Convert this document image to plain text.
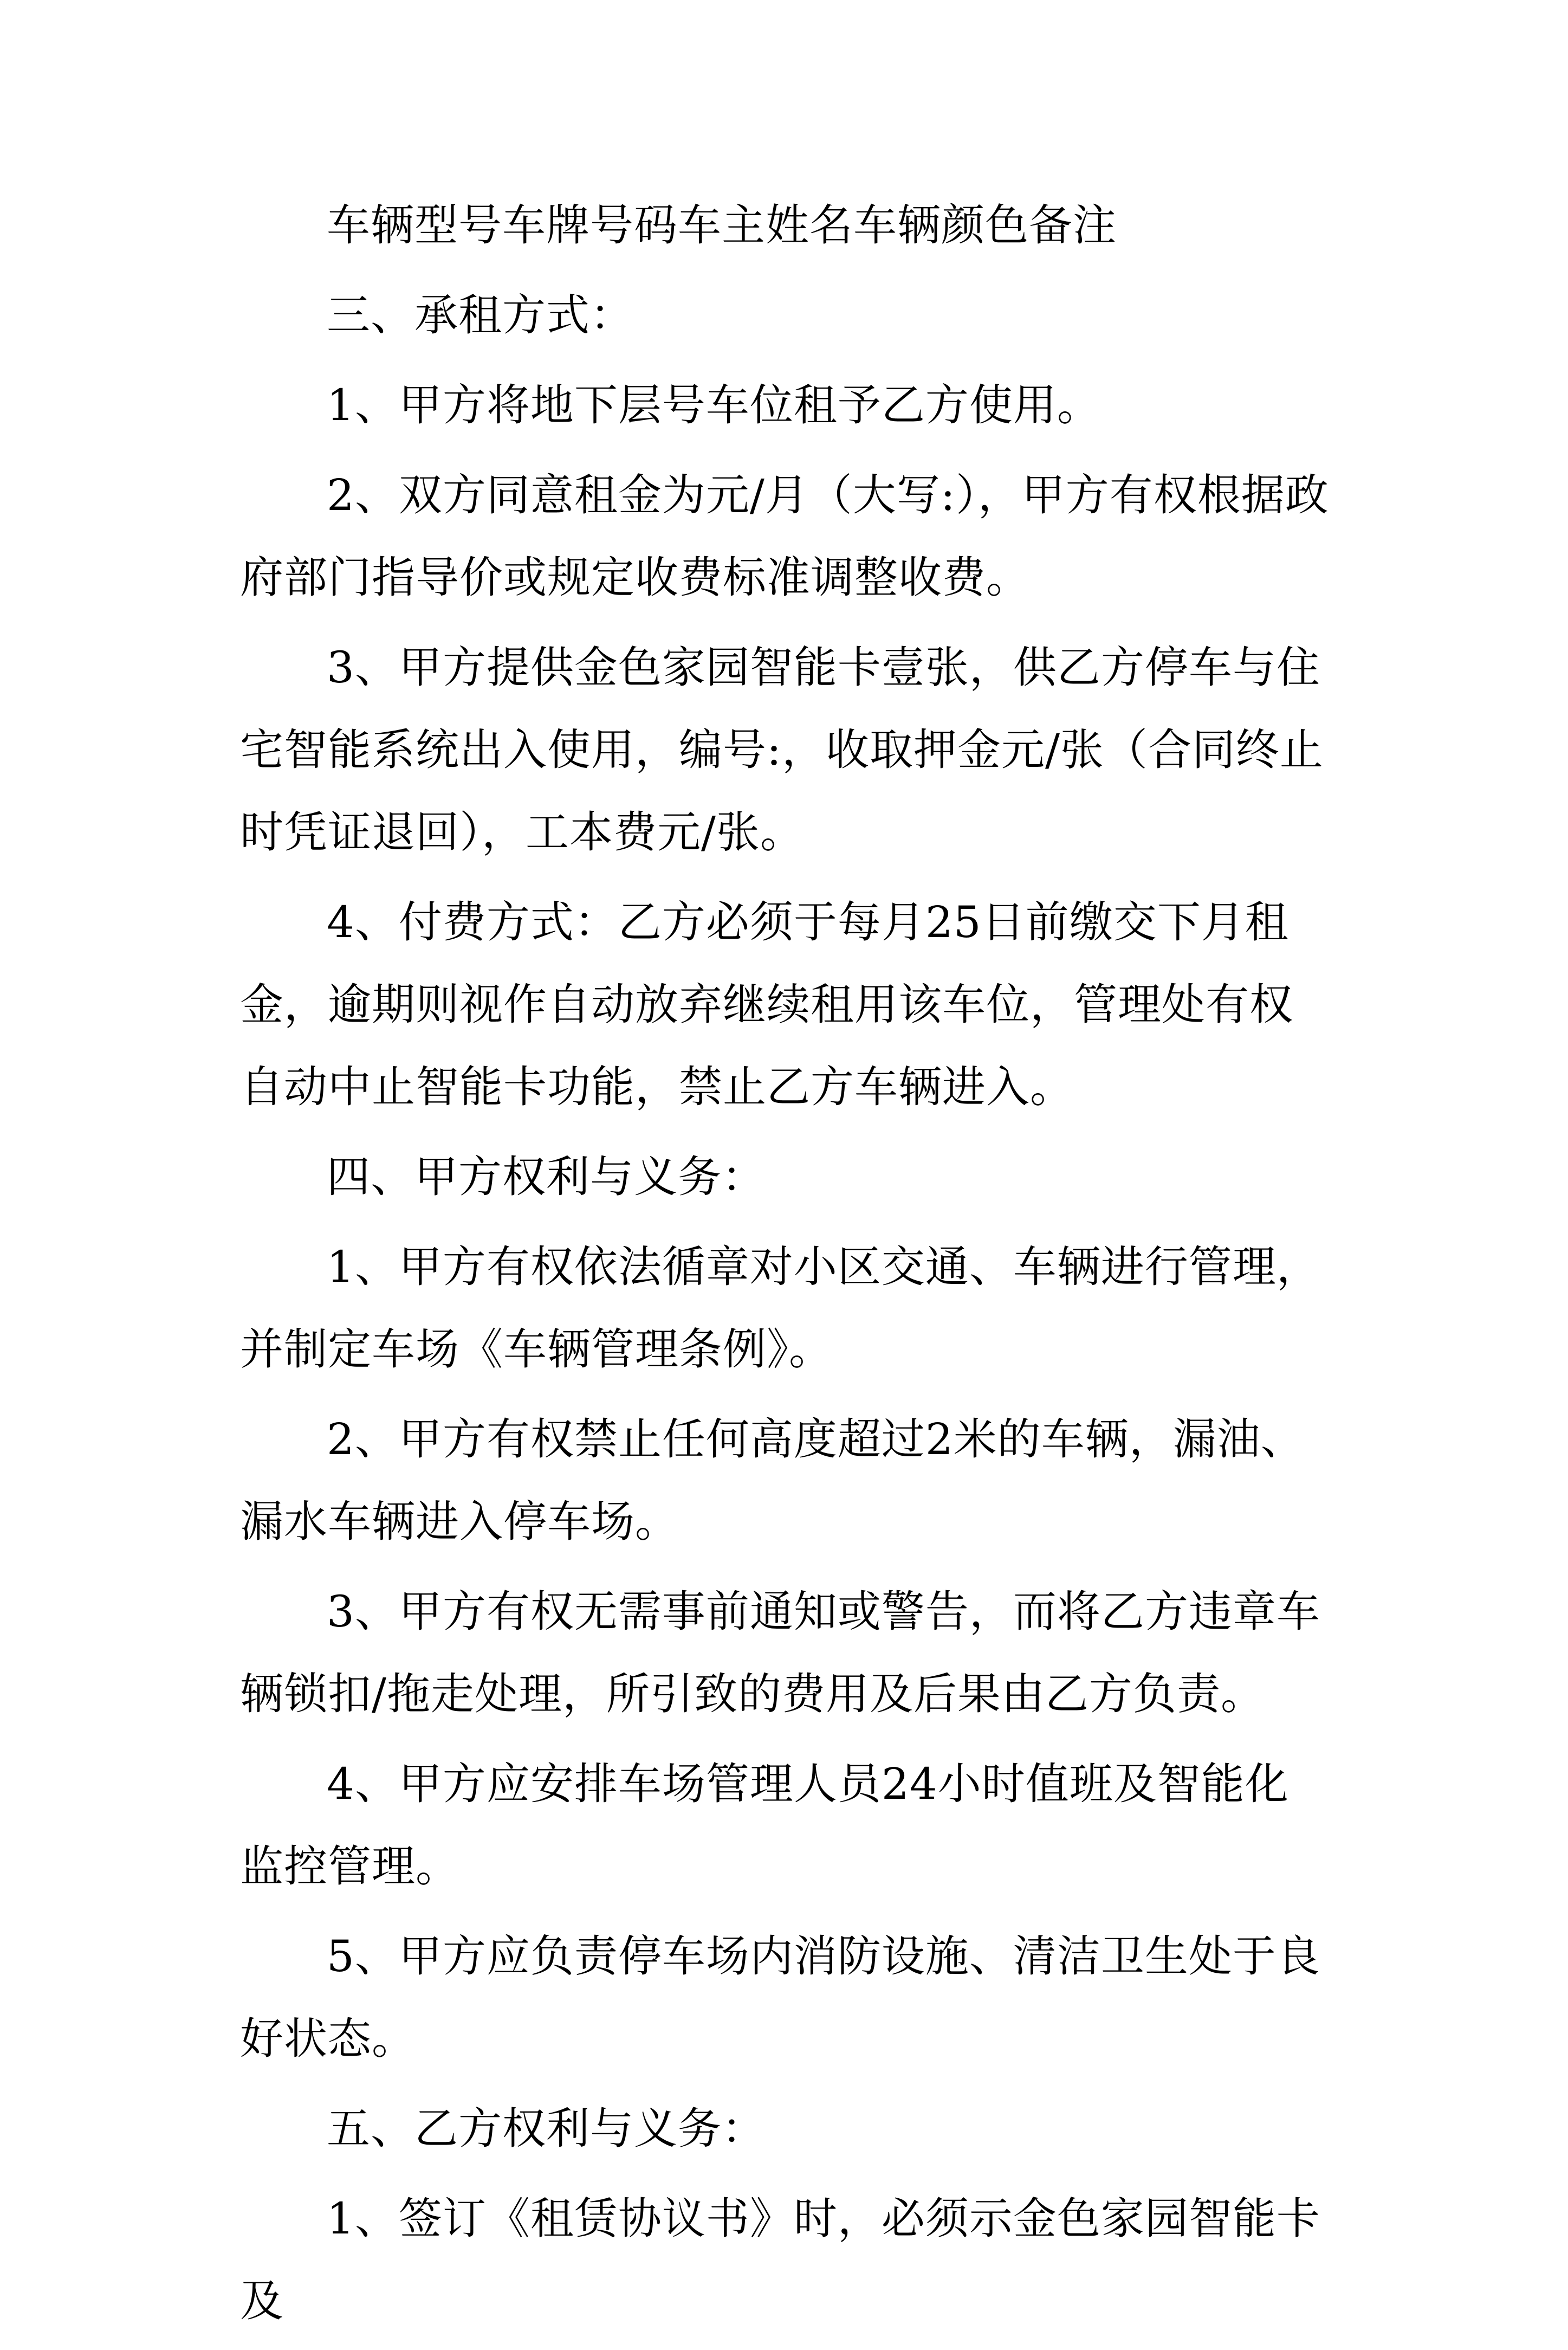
车辆型号车牌号码车主姓名车辆颜色备注

三、承租方式：

1、甲方将地下层号车位租予乙方使用。

2、双方同意租金为元/月（大写:），甲方有权根据政府部门指导价或规定收费标准调整收费。

3、甲方提供金色家园智能卡壹张，供乙方停车与住宅智能系统出入使用，编号:，收取押金元/张（合同终止时凭证退回），工本费元/张。

4、付费方式：乙方必须于每月25日前缴交下月租金，逾期则视作自动放弃继续租用该车位，管理处有权自动中止智能卡功能，禁止乙方车辆进入。

四、甲方权利与义务：

1、甲方有权依法循章对小区交通、车辆进行管理，并制定车场《车辆管理条例》。

2、甲方有权禁止任何高度超过2米的车辆，漏油、漏水车辆进入停车场。

3、甲方有权无需事前通知或警告，而将乙方违章车辆锁扣/拖走处理，所引致的费用及后果由乙方负责。

4、甲方应安排车场管理人员24小时值班及智能化监控管理。

5、甲方应负责停车场内消防设施、清洁卫生处于良好状态。

五、乙方权利与义务：

1、签订《租赁协议书》时，必须示金色家园智能卡及
